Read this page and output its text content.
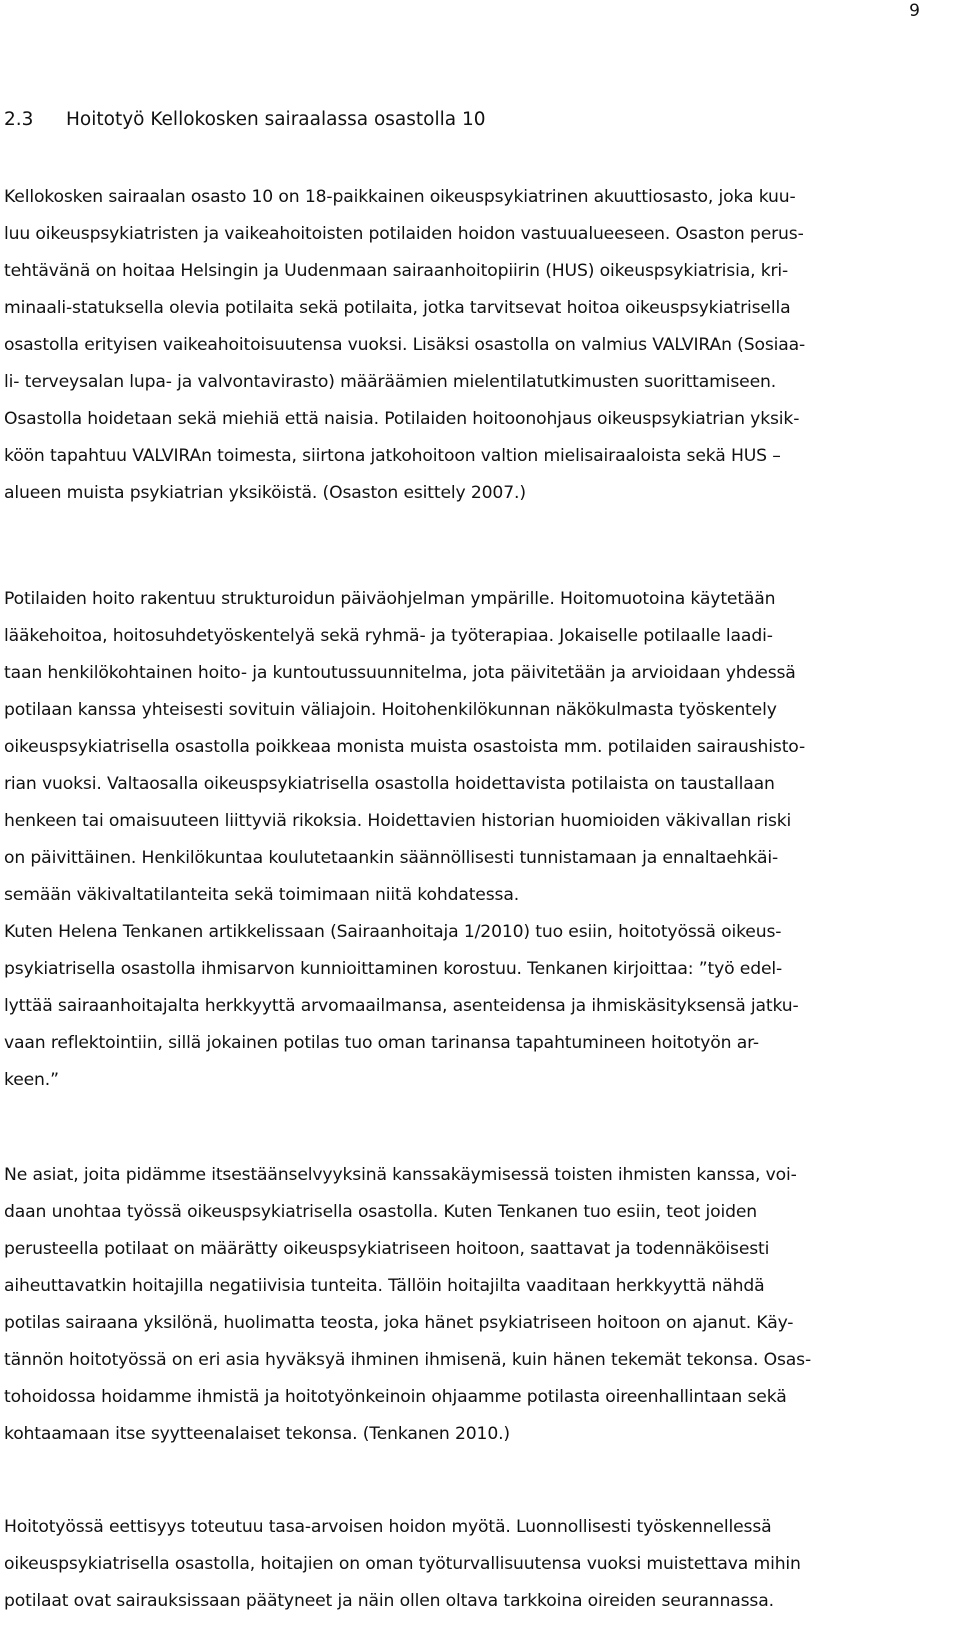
9
2.3 Hoitotyö Kellokosken sairaalassa osastolla 10
Kellokosken sairaalan osasto 10 on 18-paikkainen oikeuspsykiatrinen akuuttiosasto, joka kuu-
luu oikeuspsykiatristen ja vaikeahoitoisten potilaiden hoidon vastuualueeseen. Osaston perus-
tehtävänä on hoitaa Helsingin ja Uudenmaan sairaanhoitopiirin (HUS) oikeuspsykiatrisia, kri-
minaali-statuksella olevia potilaita sekä potilaita, jotka tarvitsevat hoitoa oikeuspsykiatrisella
osastolla erityisen vaikeahoitoisuutensa vuoksi. Lisäksi osastolla on valmius VALVIRAn (Sosiaa-
li- terveysalan lupa- ja valvontavirasto) määräämien mielentilatutkimusten suorittamiseen.
Osastolla hoidetaan sekä miehiä että naisia. Potilaiden hoitoonohjaus oikeuspsykiatrian yksik-
köön tapahtuu VALVIRAn toimesta, siirtona jatkohoitoon valtion mielisairaaloista sekä HUS –
alueen muista psykiatrian yksiköistä. (Osaston esittely 2007.)
Potilaiden hoito rakentuu strukturoidun päiväohjelman ympärille. Hoitomuotoina käytetään
lääkehoitoa, hoitosuhdetyöskentelyä sekä ryhmä- ja työterapiaa. Jokaiselle potilaalle laadi-
taan henkilökohtainen hoito- ja kuntoutussuunnitelma, jota päivitetään ja arvioidaan yhdessä
potilaan kanssa yhteisesti sovituin väliajoin. Hoitohenkilökunnan näkökulmasta työskentely
oikeuspsykiatrisella osastolla poikkeaa monista muista osastoista mm. potilaiden sairaushisto-
rian vuoksi. Valtaosalla oikeuspsykiatrisella osastolla hoidettavista potilaista on taustallaan
henkeen tai omaisuuteen liittyviä rikoksia. Hoidettavien historian huomioiden väkivallan riski
on päivittäinen. Henkilökuntaa koulutetaankin säännöllisesti tunnistamaan ja ennaltaehkäi-
semään väkivaltatilanteita sekä toimimaan niitä kohdatessa.
Kuten Helena Tenkanen artikkelissaan (Sairaanhoitaja 1/2010) tuo esiin, hoitotyössä oikeus-
psykiatrisella osastolla ihmisarvon kunnioittaminen korostuu. Tenkanen kirjoittaa: ”työ edel-
lyttää sairaanhoitajalta herkkyyttä arvomaailmansa, asenteidensa ja ihmiskäsityksensä jatku-
vaan reflektointiin, sillä jokainen potilas tuo oman tarinansa tapahtumineen hoitotyön ar-
keen.”
Ne asiat, joita pidämme itsestäänselvyyksinä kanssakäymisessä toisten ihmisten kanssa, voi-
daan unohtaa työssä oikeuspsykiatrisella osastolla. Kuten Tenkanen tuo esiin, teot joiden
perusteella potilaat on määrätty oikeuspsykiatriseen hoitoon, saattavat ja todennäköisesti
aiheuttavatkin hoitajilla negatiivisia tunteita. Tällöin hoitajilta vaaditaan herkkyyttä nähdä
potilas sairaana yksilönä, huolimatta teosta, joka hänet psykiatriseen hoitoon on ajanut. Käy-
tännön hoitotyössä on eri asia hyväksyä ihminen ihmisenä, kuin hänen tekemät tekonsa. Osas-
tohoidossa hoidamme ihmistä ja hoitotyönkeinoin ohjaamme potilasta oireenhallintaan sekä
kohtaamaan itse syytteenalaiset tekonsa. (Tenkanen 2010.)
Hoitotyössä eettisyys toteutuu tasa-arvoisen hoidon myötä. Luonnollisesti työskennellessä
oikeuspsykiatrisella osastolla, hoitajien on oman työturvallisuutensa vuoksi muistettava mihin
potilaat ovat sairauksissaan päätyneet ja näin ollen oltava tarkkoina oireiden seurannassa.
